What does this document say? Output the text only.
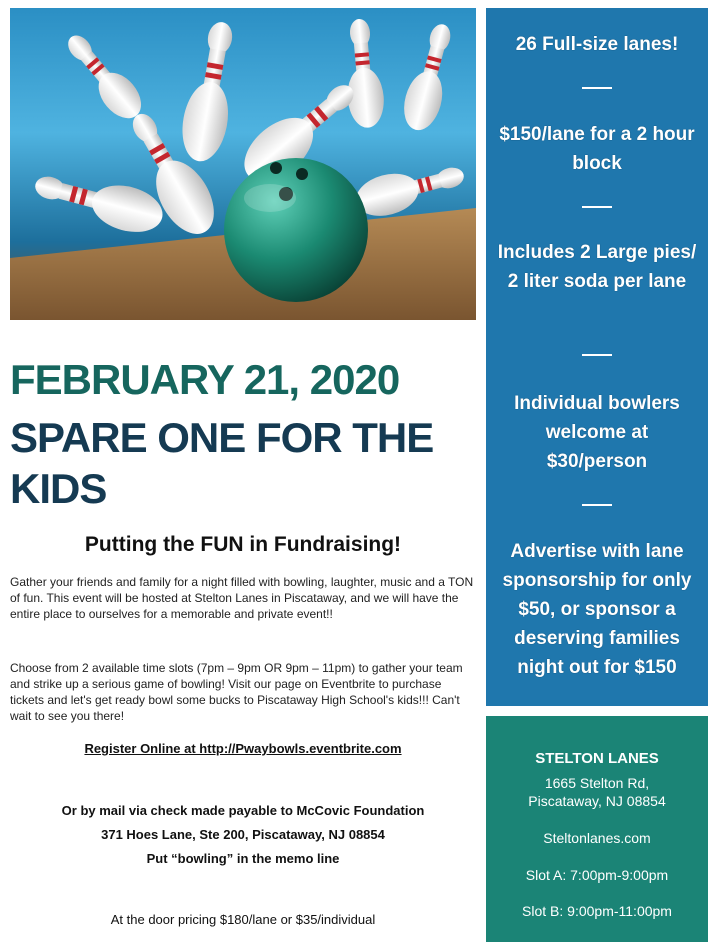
26 Full-size lanes!
$150/lane for a 2 hour block
Includes 2 Large pies/ 2 liter soda per lane
Individual bowlers welcome at $30/person
Advertise with lane sponsorship for only $50, or sponsor a deserving families night out for $150
STELTON LANES
1665 Stelton Rd,
Piscataway, NJ 08854
Steltonlanes.com
Slot A: 7:00pm-9:00pm
Slot B: 9:00pm-11:00pm
FEBRUARY 21, 2020
SPARE ONE FOR THE KIDS
Putting the FUN in Fundraising!
Gather your friends and family for a night filled with bowling, laughter, music and a TON of fun. This event will be hosted at Stelton Lanes in Piscataway, and we will have the entire place to ourselves for a memorable and private event!!
Choose from 2 available time slots (7pm – 9pm OR 9pm – 11pm) to gather your team and strike up a serious game of bowling! Visit our page on Eventbrite to purchase tickets and let's get ready bowl some bucks to Piscataway High School's kids!!! Can't wait to see you there!
Register Online at http://Pwaybowls.eventbrite.com
Or by mail via check made payable to McCovic Foundation
371 Hoes Lane, Ste 200, Piscataway, NJ 08854
Put “bowling” in the memo line
At the door pricing $180/lane or $35/individual
